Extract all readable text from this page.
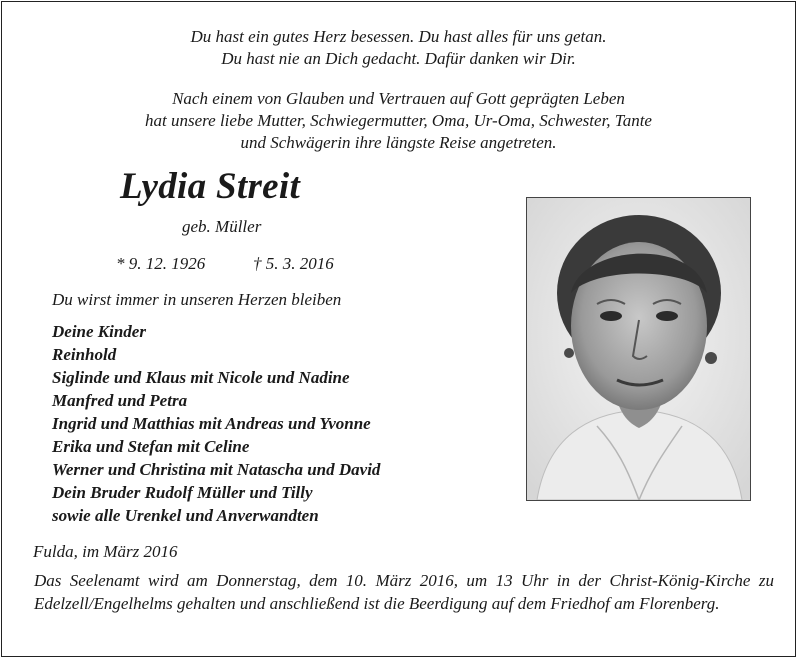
Du hast ein gutes Herz besessen. Du hast alles für uns getan.
Du hast nie an Dich gedacht. Dafür danken wir Dir.
Nach einem von Glauben und Vertrauen auf Gott geprägten Leben
hat unsere liebe Mutter, Schwiegermutter, Oma, Ur-Oma, Schwester, Tante
und Schwägerin ihre längste Reise angetreten.
Lydia Streit
geb. Müller
* 9. 12. 1926	† 5. 3. 2016
Du wirst immer in unseren Herzen bleiben
Deine Kinder
Reinhold
Siglinde und Klaus mit Nicole und Nadine
Manfred und Petra
Ingrid und Matthias mit Andreas und Yvonne
Erika und Stefan mit Celine
Werner und Christina mit Natascha und David
Dein Bruder Rudolf Müller und Tilly
sowie alle Urenkel und Anverwandten
Fulda, im März 2016
Das Seelenamt wird am Donnerstag, dem 10. März 2016, um 13 Uhr in der Christ-König-Kirche zu Edelzell/Engelhelms gehalten und anschließend ist die Beerdigung auf dem Friedhof am Florenberg.
